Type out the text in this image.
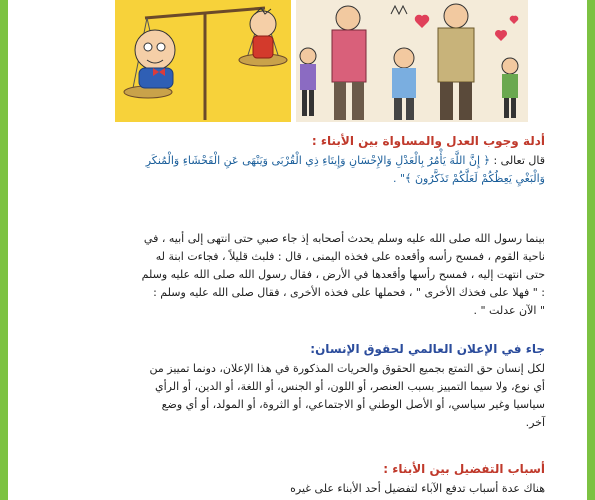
أدلة وجوب العدل والمساواة بين الأبناء :

قال تعالى : ﴿ إِنَّ اللَّهَ يَأْمُرُ بِالْعَدْلِ وَالإِحْسَانِ وَإِيتَاءِ ذِي الْقُرْبَى وَيَنْهَى عَنِ الْفَحْشَاءِ وَالْمُنكَرِ

وَالْبَغْيِ يَعِظُكُمْ لَعَلَّكُمْ تَذَكَّرُونَ ﴾" .

بينما رسول الله صلى الله عليه وسلم يحدث أصحابه إذ جاء صبي حتى انتهى إلى أبيه ، في

ناحية القوم ، فمسح رأسه وأقعده على فخذه اليمنى ، قال : فلبث قليلاً ، فجاءت ابنة له

حتى انتهت إليه ، فمسح رأسها وأقعدها في الأرض ، فقال رسول الله صلى الله عليه وسلم

: " فهلا على فخذك الأخرى " ، فحملها على فخذه الأخرى ، فقال صلى الله عليه وسلم :

" الآن عدلت " .

جاء في الإعلان العالمي لحقوق الإنسان:

لكل إنسان حق التمتع بجميع الحقوق والحريات المذكورة في هذا الإعلان، دونما تمييز من

أي نوع، ولا سيما التمييز بسبب العنصر، أو اللون، أو الجنس، أو اللغة، أو الدين، أو الرأي

سياسيا وغير سياسي، أو الأصل الوطني أو الاجتماعي، أو الثروة، أو المولد، أو أي وضع

آخر.

أسباب التفضيل بين الأبناء :

هناك عدة أسباب تدفع الآباء لتفضيل أحد الأبناء على غيره
